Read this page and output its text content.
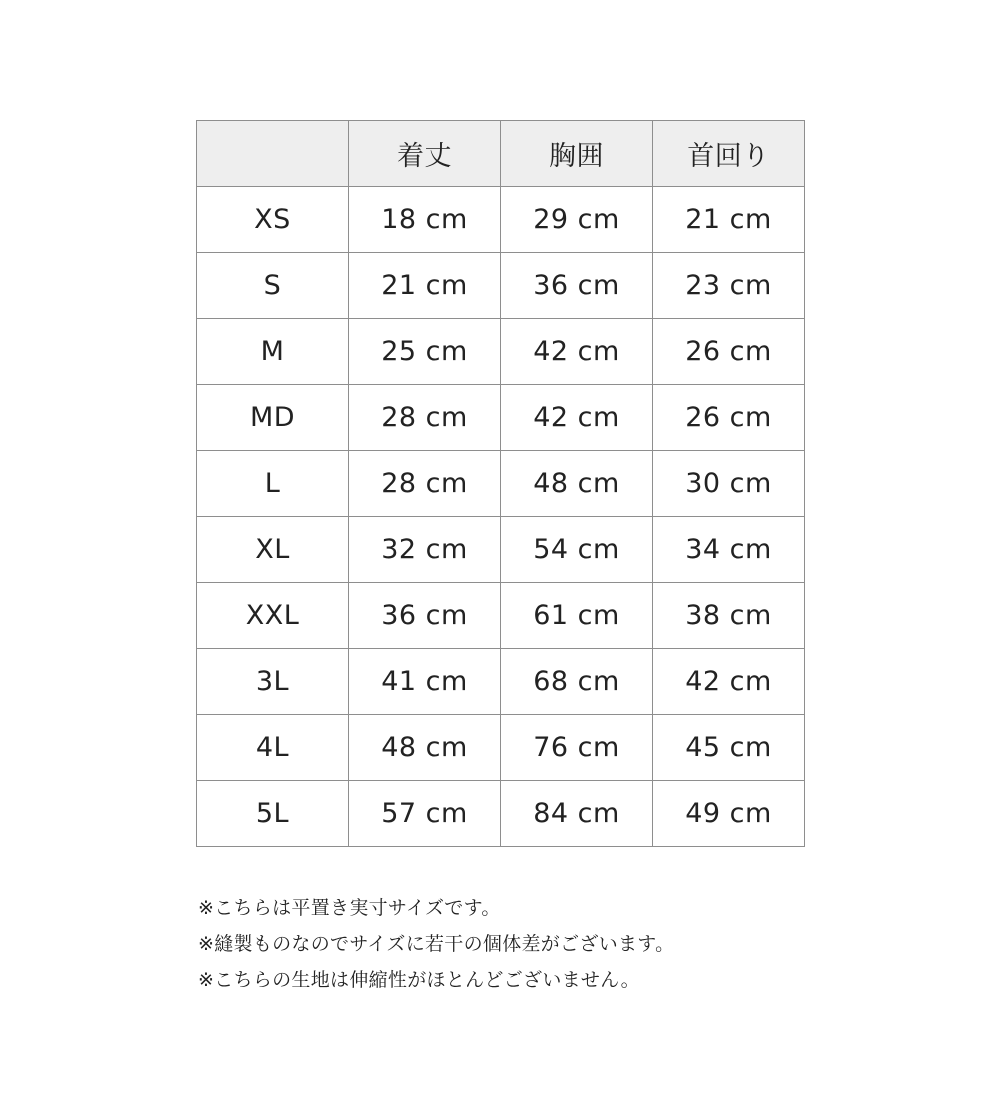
	着丈	胸囲	首回り
XS	18 cm	29 cm	21 cm
S	21 cm	36 cm	23 cm
M	25 cm	42 cm	26 cm
MD	28 cm	42 cm	26 cm
L	28 cm	48 cm	30 cm
XL	32 cm	54 cm	34 cm
XXL	36 cm	61 cm	38 cm
3L	41 cm	68 cm	42 cm
4L	48 cm	76 cm	45 cm
5L	57 cm	84 cm	49 cm
※こちらは平置き実寸サイズです。
※縫製ものなのでサイズに若干の個体差がございます。
※こちらの生地は伸縮性がほとんどございません。
